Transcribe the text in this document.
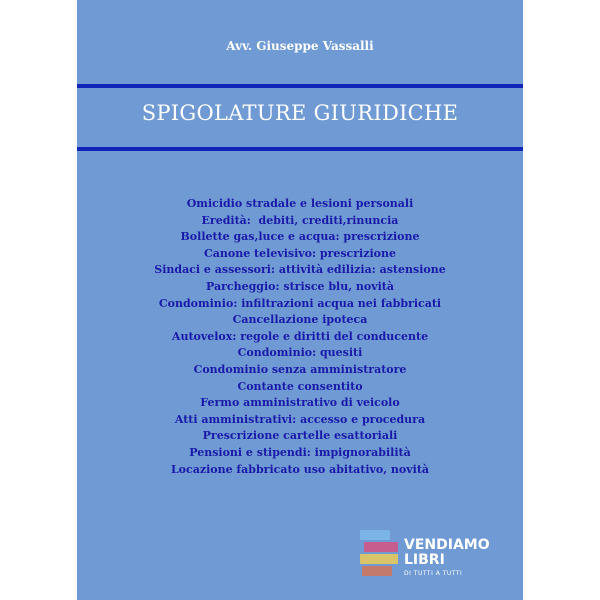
Avv. Giuseppe Vassalli
SPIGOLATURE GIURIDICHE
Omicidio stradale e lesioni personali
Eredità:  debiti, crediti,rinuncia
Bollette gas,luce e acqua: prescrizione
Canone televisivo: prescrizione
Sindaci e assessori: attività edilizia: astensione
Parcheggio: strisce blu, novità
Condominio: infiltrazioni acqua nei fabbricati
Cancellazione ipoteca
Autovelox: regole e diritti del conducente
Condominio: quesiti
Condominio senza amministratore
Contante consentito
Fermo amministrativo di veicolo
Atti amministrativi: accesso e procedura
Prescrizione cartelle esattoriali
Pensioni e stipendi: impignorabilità
Locazione fabbricato uso abitativo, novità
VENDIAMO
LIBRI
DI TUTTI A TUTTI
